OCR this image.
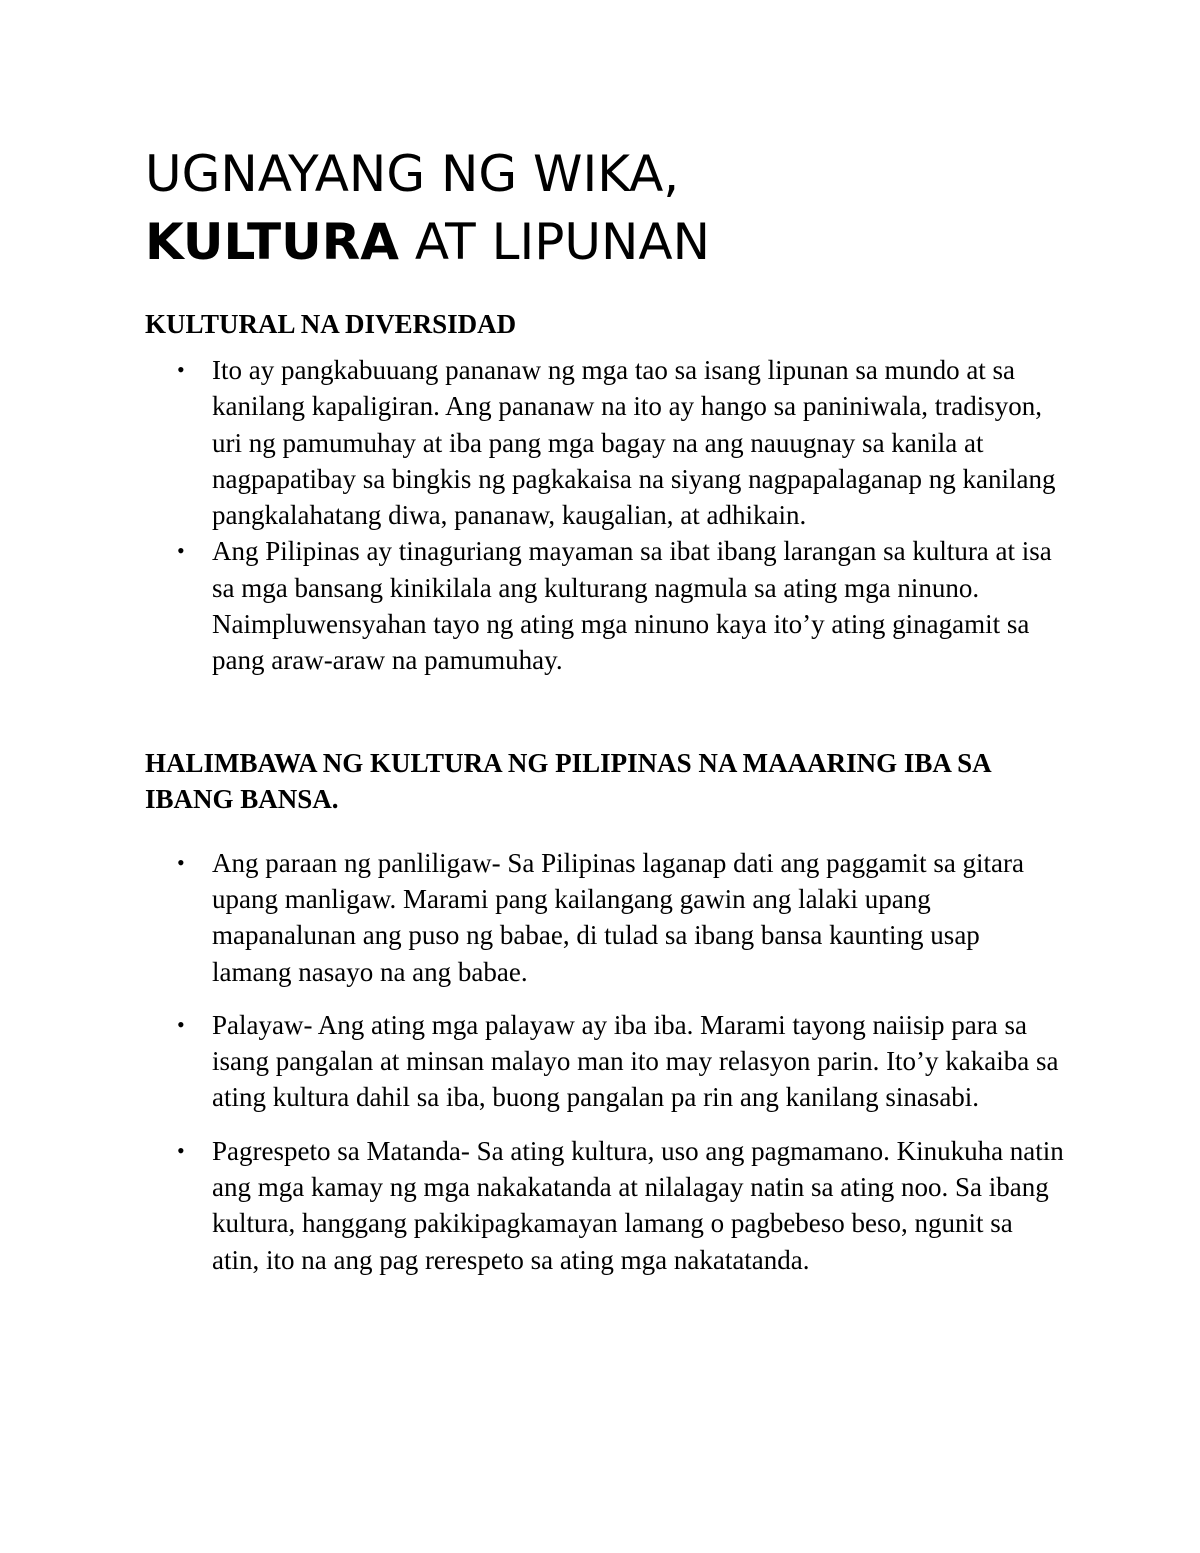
UGNAYANG NG WIKA,
KULTURA AT LIPUNAN
KULTURAL NA DIVERSIDAD
• Ito ay pangkabuuang pananaw ng mga tao sa isang lipunan sa mundo at sa kanilang kapaligiran. Ang pananaw na ito ay hango sa paniniwala, tradisyon, uri ng pamumuhay at iba pang mga bagay na ang nauugnay sa kanila at nagpapatibay sa bingkis ng pagkakaisa na siyang nagpapalaganap ng kanilang pangkalahatang diwa, pananaw, kaugalian, at adhikain.
• Ang Pilipinas ay tinaguriang mayaman sa ibat ibang larangan sa kultura at isa sa mga bansang kinikilala ang kulturang nagmula sa ating mga ninuno. Naimpluwensyahan tayo ng ating mga ninuno kaya ito’y ating ginagamit sa pang araw-araw na pamumuhay.
HALIMBAWA NG KULTURA NG PILIPINAS NA MAAARING IBA SA IBANG BANSA.
• Ang paraan ng panliligaw- Sa Pilipinas laganap dati ang paggamit sa gitara upang manligaw. Marami pang kailangang gawin ang lalaki upang mapanalunan ang puso ng babae, di tulad sa ibang bansa kaunting usap lamang nasayo na ang babae.
• Palayaw- Ang ating mga palayaw ay iba iba. Marami tayong naiisip para sa isang pangalan at minsan malayo man ito may relasyon parin. Ito’y kakaiba sa ating kultura dahil sa iba, buong pangalan pa rin ang kanilang sinasabi.
• Pagrespeto sa Matanda- Sa ating kultura, uso ang pagmamano. Kinukuha natin ang mga kamay ng mga nakakatanda at nilalagay natin sa ating noo. Sa ibang kultura, hanggang pakikipagkamayan lamang o pagbebeso beso, ngunit sa atin, ito na ang pag rerespeto sa ating mga nakatatanda.
